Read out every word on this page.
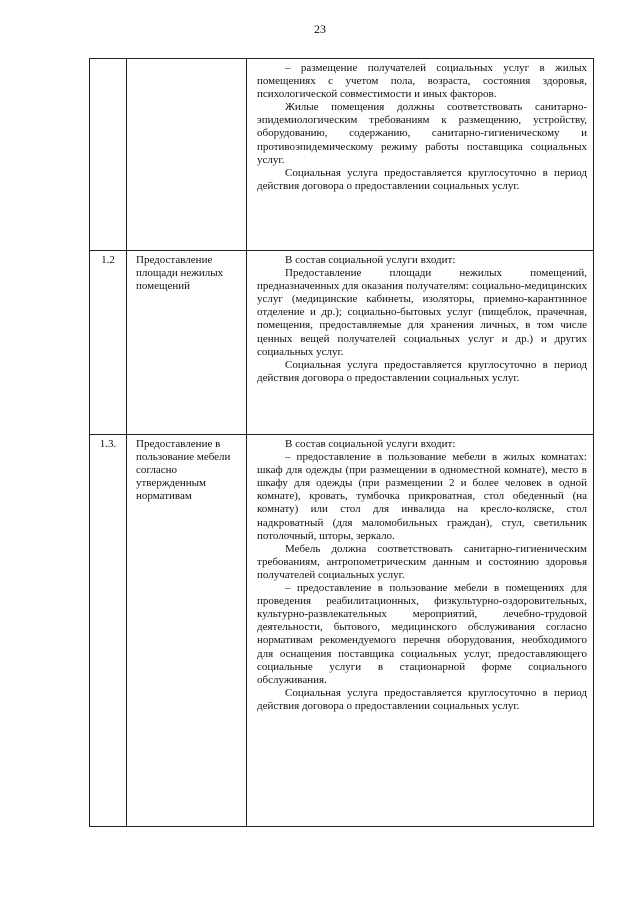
23

		– размещение получателей социальных услуг в жилых помещениях с учетом пола, возраста, состояния здоровья, психологической совместимости и иных факторов.

Жилые помещения должны соответствовать санитарно-эпидемиологическим требованиям к размещению, устройству, оборудованию, содержанию, санитарно-гигиеническому и противоэпидемическому режиму работы поставщика социальных услуг.

Социальная услуга предоставляется круглосуточно в период действия договора о предоставлении социальных услуг.

1.2	Предоставление площади нежилых помещений	В состав социальной услуги входит:

Предоставление площади нежилых помещений, предназначенных для оказания получателям: социально-медицинских услуг (медицинские кабинеты, изоляторы, приемно-карантинное отделение и др.); социально-бытовых услуг (пищеблок, прачечная, помещения, предоставляемые для хранения личных, в том числе ценных вещей получателей социальных услуг и др.) и других социальных услуг.

Социальная услуга предоставляется круглосуточно в период действия договора о предоставлении социальных услуг.

1.3.	Предоставление в пользование мебели согласно утвержденным нормативам	В состав социальной услуги входит:

– предоставление в пользование мебели в жилых комнатах: шкаф для одежды (при размещении в одноместной комнате), место в шкафу для одежды (при размещении 2 и более человек в одной комнате), кровать, тумбочка прикроватная, стол обеденный (на комнату) или стол для инвалида на кресло-коляске, стол надкроватный (для маломобильных граждан), стул, светильник потолочный, шторы, зеркало.

Мебель должна соответствовать санитарно-гигиеническим требованиям, антропометрическим данным и состоянию здоровья получателей социальных услуг.

– предоставление в пользование мебели в помещениях для проведения реабилитационных, физкультурно-оздоровительных, культурно-развлекательных мероприятий, лечебно-трудовой деятельности, бытового, медицинского обслуживания согласно нормативам рекомендуемого перечня оборудования, необходимого для оснащения поставщика социальных услуг, предоставляющего социальные услуги в стационарной форме социального обслуживания.

Социальная услуга предоставляется круглосуточно в период действия договора о предоставлении социальных услуг.
